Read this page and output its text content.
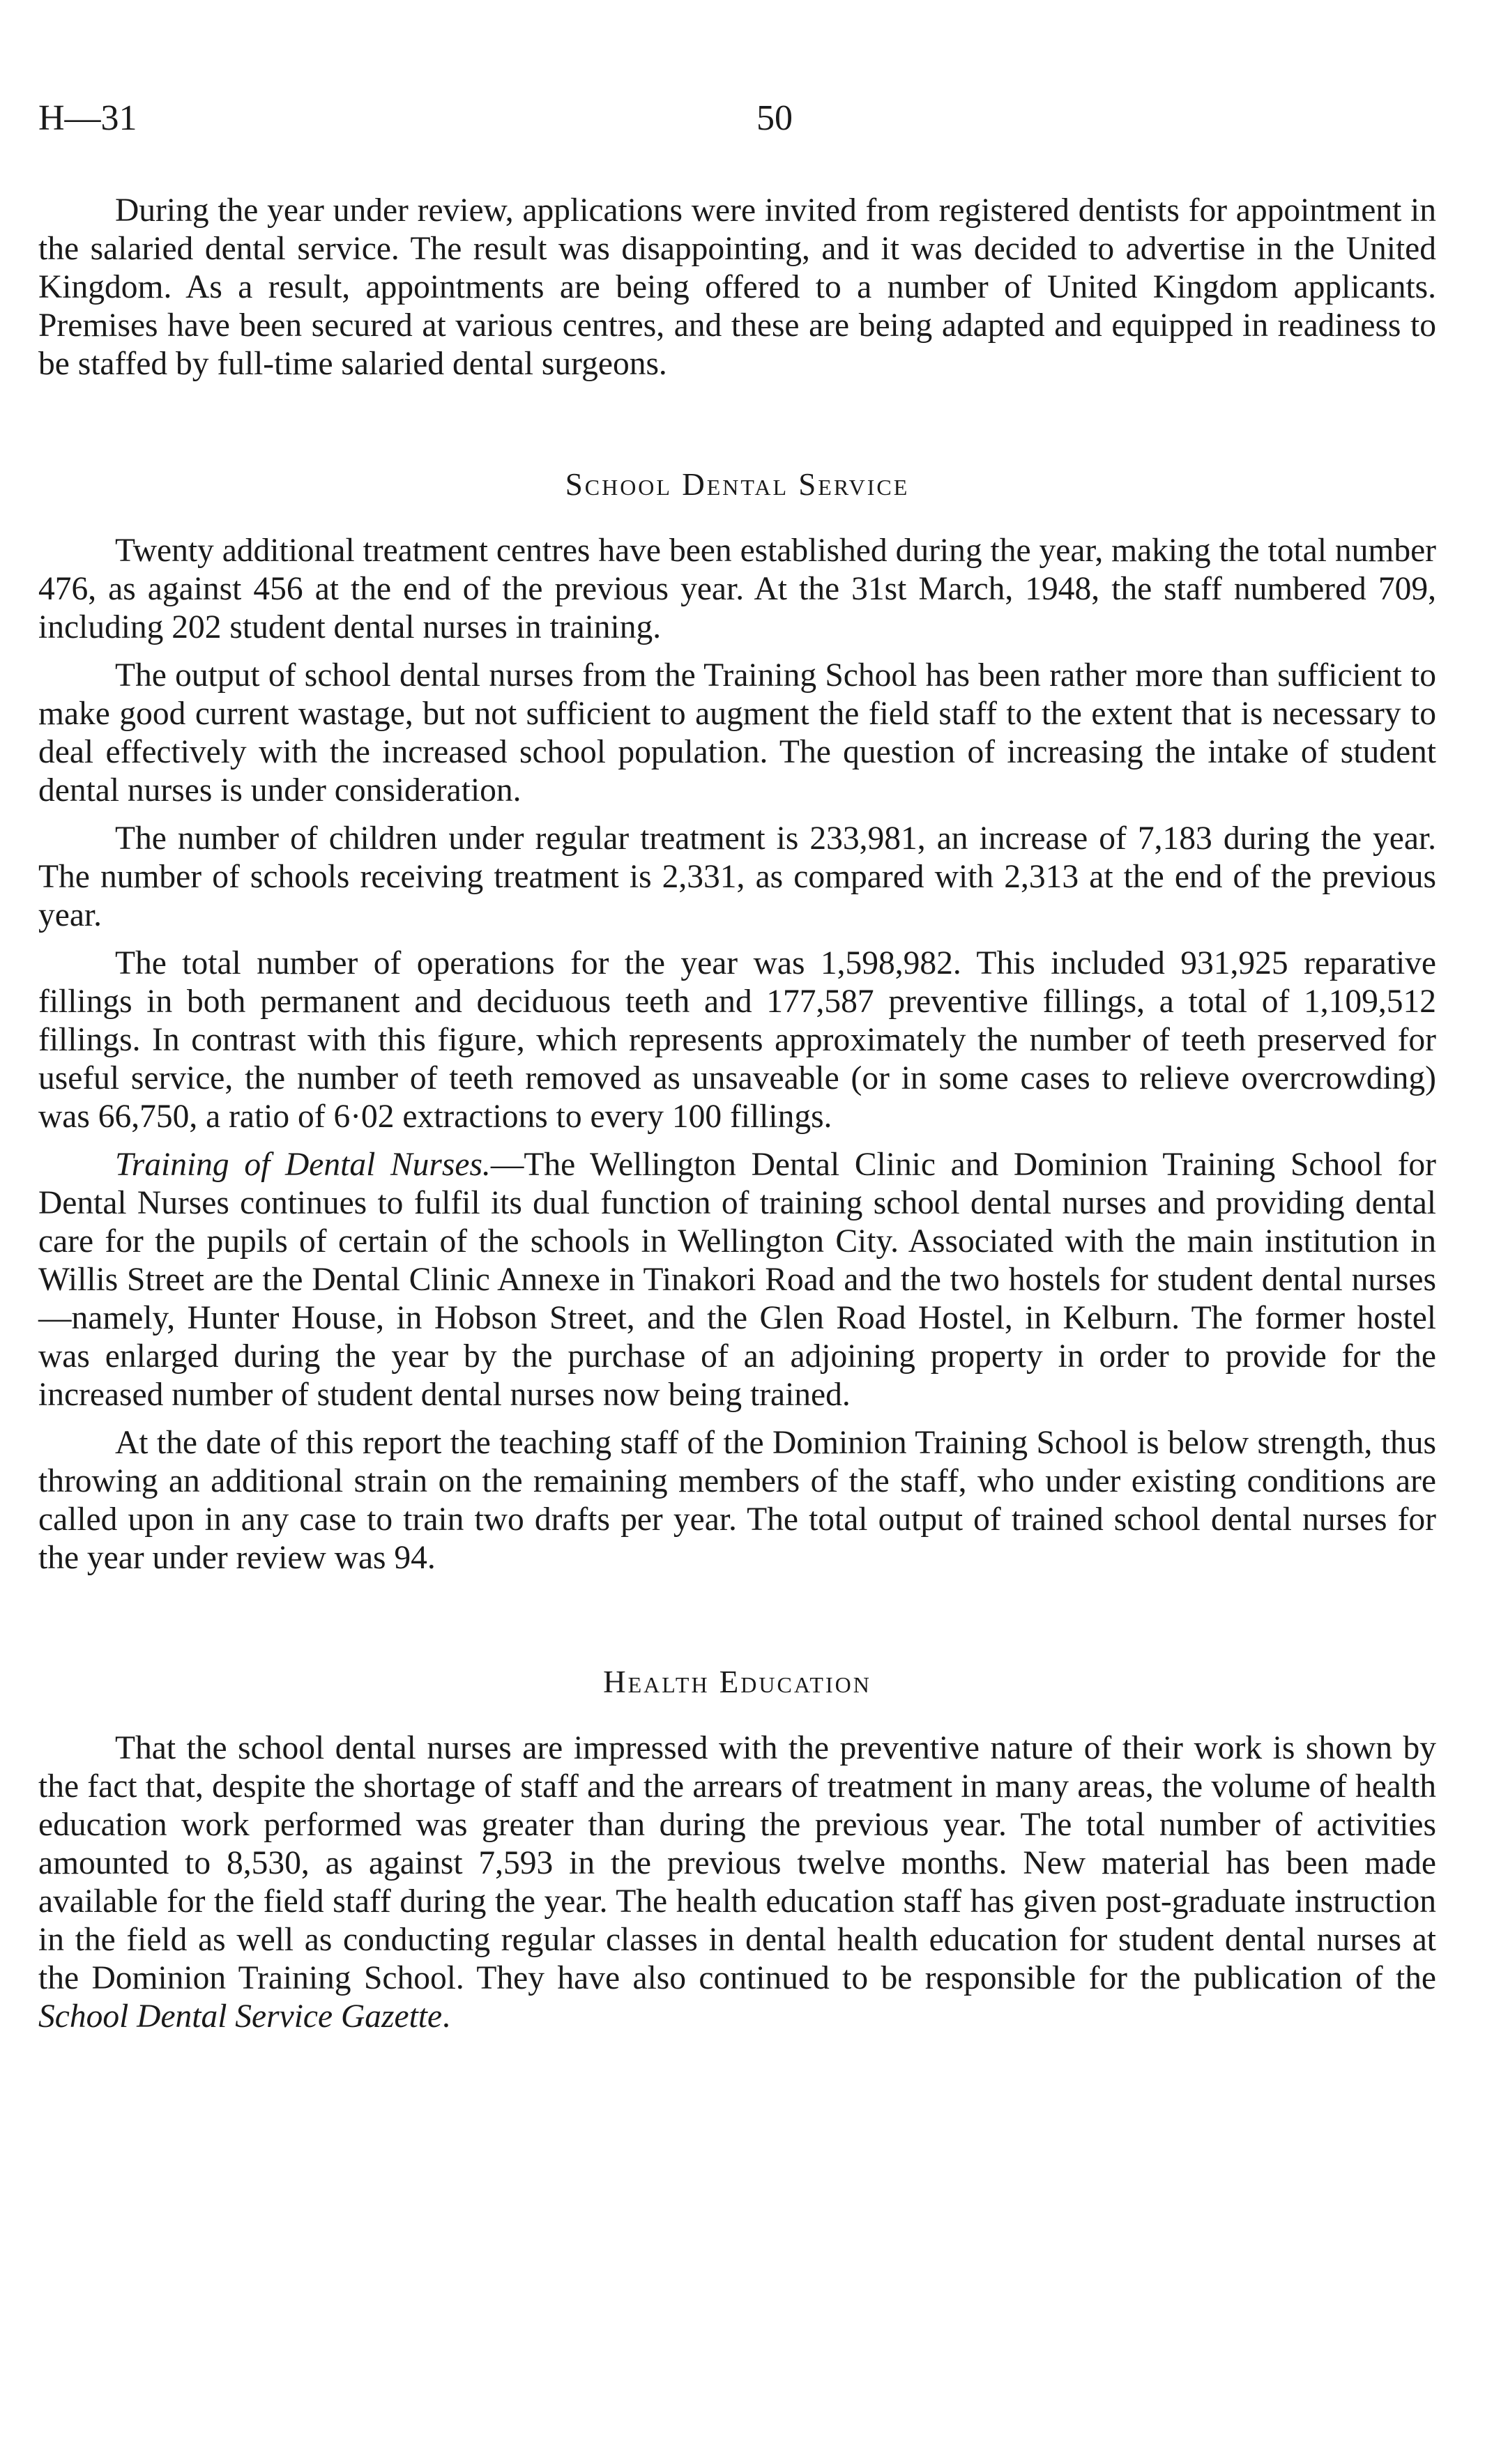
H—31	50

During the year under review, applications were invited from registered dentists for appointment in the salaried dental service. The result was disappointing, and it was decided to advertise in the United Kingdom. As a result, appointments are being offered to a number of United Kingdom applicants. Premises have been secured at various centres, and these are being adapted and equipped in readiness to be staffed by full-time salaried dental surgeons.

School Dental Service

Twenty additional treatment centres have been established during the year, making the total number 476, as against 456 at the end of the previous year. At the 31st March, 1948, the staff numbered 709, including 202 student dental nurses in training.

The output of school dental nurses from the Training School has been rather more than sufficient to make good current wastage, but not sufficient to augment the field staff to the extent that is necessary to deal effectively with the increased school population. The question of increasing the intake of student dental nurses is under consideration.

The number of children under regular treatment is 233,981, an increase of 7,183 during the year. The number of schools receiving treatment is 2,331, as compared with 2,313 at the end of the previous year.

The total number of operations for the year was 1,598,982. This included 931,925 reparative fillings in both permanent and deciduous teeth and 177,587 preventive fillings, a total of 1,109,512 fillings. In contrast with this figure, which represents approximately the number of teeth preserved for useful service, the number of teeth removed as unsaveable (or in some cases to relieve overcrowding) was 66,750, a ratio of 6·02 extractions to every 100 fillings.

Training of Dental Nurses.—The Wellington Dental Clinic and Dominion Training School for Dental Nurses continues to fulfil its dual function of training school dental nurses and providing dental care for the pupils of certain of the schools in Wellington City. Associated with the main institution in Willis Street are the Dental Clinic Annexe in Tinakori Road and the two hostels for student dental nurses—namely, Hunter House, in Hobson Street, and the Glen Road Hostel, in Kelburn. The former hostel was enlarged during the year by the purchase of an adjoining property in order to provide for the increased number of student dental nurses now being trained.

At the date of this report the teaching staff of the Dominion Training School is below strength, thus throwing an additional strain on the remaining members of the staff, who under existing conditions are called upon in any case to train two drafts per year. The total output of trained school dental nurses for the year under review was 94.

Health Education

That the school dental nurses are impressed with the preventive nature of their work is shown by the fact that, despite the shortage of staff and the arrears of treatment in many areas, the volume of health education work performed was greater than during the previous year. The total number of activities amounted to 8,530, as against 7,593 in the previous twelve months. New material has been made available for the field staff during the year. The health education staff has given post-graduate instruction in the field as well as conducting regular classes in dental health education for student dental nurses at the Dominion Training School. They have also continued to be responsible for the publication of the School Dental Service Gazette.
